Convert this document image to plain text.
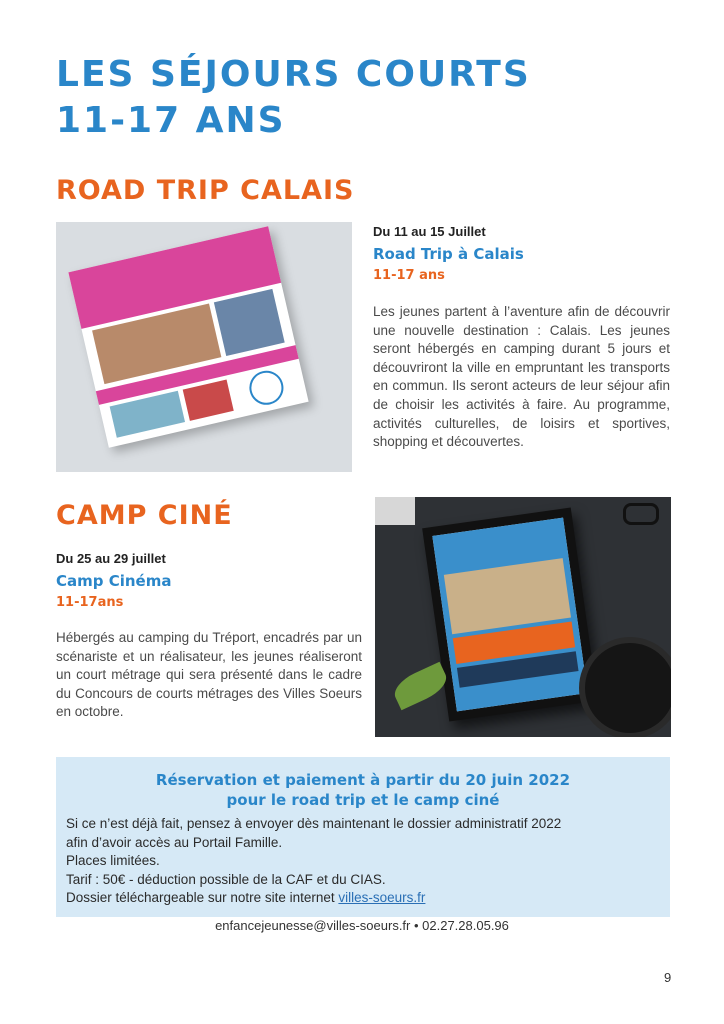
LES SÉJOURS COURTS
11-17 ANS
ROAD TRIP CALAIS
Du 11 au 15 Juillet
Road Trip à Calais
11-17 ans

Les jeunes partent à l’aventure afin de découvrir une nouvelle destination : Calais. Les jeunes seront hébergés en camping durant 5 jours et découvriront la ville en empruntant les transports en commun. Ils seront acteurs de leur séjour afin de choisir les activités à faire. Au programme, activités culturelles, de loisirs et sportives, shopping et découvertes.

CAMP CINÉ
Du 25 au 29 juillet
Camp Cinéma
11-17ans

Hébergés au camping du Tréport, encadrés par un scénariste et un réalisateur, les jeunes réaliseront un court métrage qui sera présenté dans le cadre du Concours de courts métrages des Villes Soeurs en octobre.

Réservation et paiement à partir du 20 juin 2022
pour le road trip et le camp ciné

Si ce n’est déjà fait, pensez à envoyer dès maintenant le dossier administratif 2022
afin d’avoir accès au Portail Famille.
Places limitées.
Tarif : 50€ - déduction possible de la CAF et du CIAS.
Dossier téléchargeable sur notre site internet villes-soeurs.fr

enfancejeunesse@villes-soeurs.fr • 02.27.28.05.96
9
